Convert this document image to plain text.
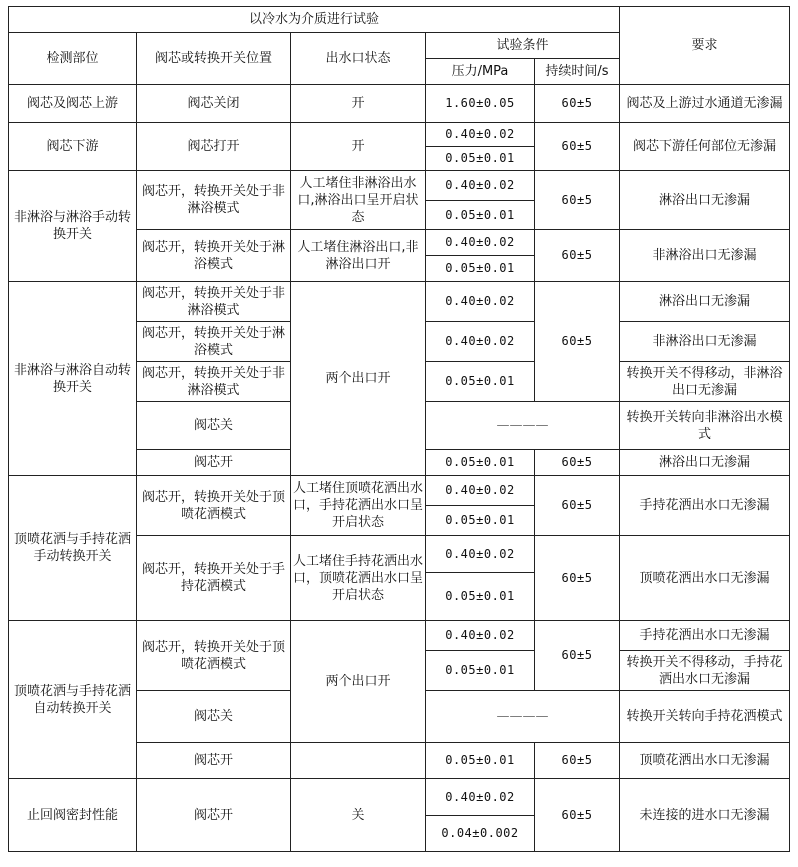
以冷水为介质进行试验					要求
检测部位	阀芯或转换开关位置	出水口状态	试验条件		
			压力/MPa	持续时间/s	
阀芯及阀芯上游	阀芯关闭	开	1.60±0.05	60±5	阀芯及上游过水通道无渗漏
阀芯下游	阀芯打开	开	0.40±0.02	60±5	阀芯下游任何部位无渗漏
			0.05±0.01		
非淋浴与淋浴手动转换开关	阀芯开，转换开关处于非淋浴模式	人工堵住非淋浴出水口,淋浴出口呈开启状态	0.40±0.02	60±5	淋浴出口无渗漏
			0.05±0.01		
	阀芯开，转换开关处于淋浴模式	人工堵住淋浴出口,非淋浴出口开	0.40±0.02	60±5	非淋浴出口无渗漏
			0.05±0.01		
非淋浴与淋浴自动转换开关	阀芯开，转换开关处于非淋浴模式	两个出口开	0.40±0.02	60±5	淋浴出口无渗漏
	阀芯开，转换开关处于淋浴模式		0.40±0.02		非淋浴出口无渗漏
	阀芯开，转换开关处于非淋浴模式		0.05±0.01		转换开关不得移动，非淋浴出口无渗漏
	阀芯关		————		转换开关转向非淋浴出水模式
	阀芯开		0.05±0.01	60±5	淋浴出口无渗漏
顶喷花洒与手持花洒手动转换开关	阀芯开，转换开关处于顶喷花洒模式	人工堵住顶喷花洒出水口，手持花洒出水口呈开启状态	0.40±0.02	60±5	手持花洒出水口无渗漏
			0.05±0.01		
	阀芯开，转换开关处于手持花洒模式	人工堵住手持花洒出水口，顶喷花洒出水口呈开启状态	0.40±0.02	60±5	顶喷花洒出水口无渗漏
			0.05±0.01		
顶喷花洒与手持花洒自动转换开关	阀芯开，转换开关处于顶喷花洒模式	两个出口开	0.40±0.02	60±5	手持花洒出水口无渗漏
			0.05±0.01		转换开关不得移动，手持花洒出水口无渗漏
	阀芯关		————		转换开关转向手持花洒模式

	阀芯开		0.05±0.01	60±5	顶喷花洒出水口无渗漏
止回阀密封性能	阀芯开	关	0.40±0.02	60±5	未连接的进水口无渗漏
			0.04±0.002		
